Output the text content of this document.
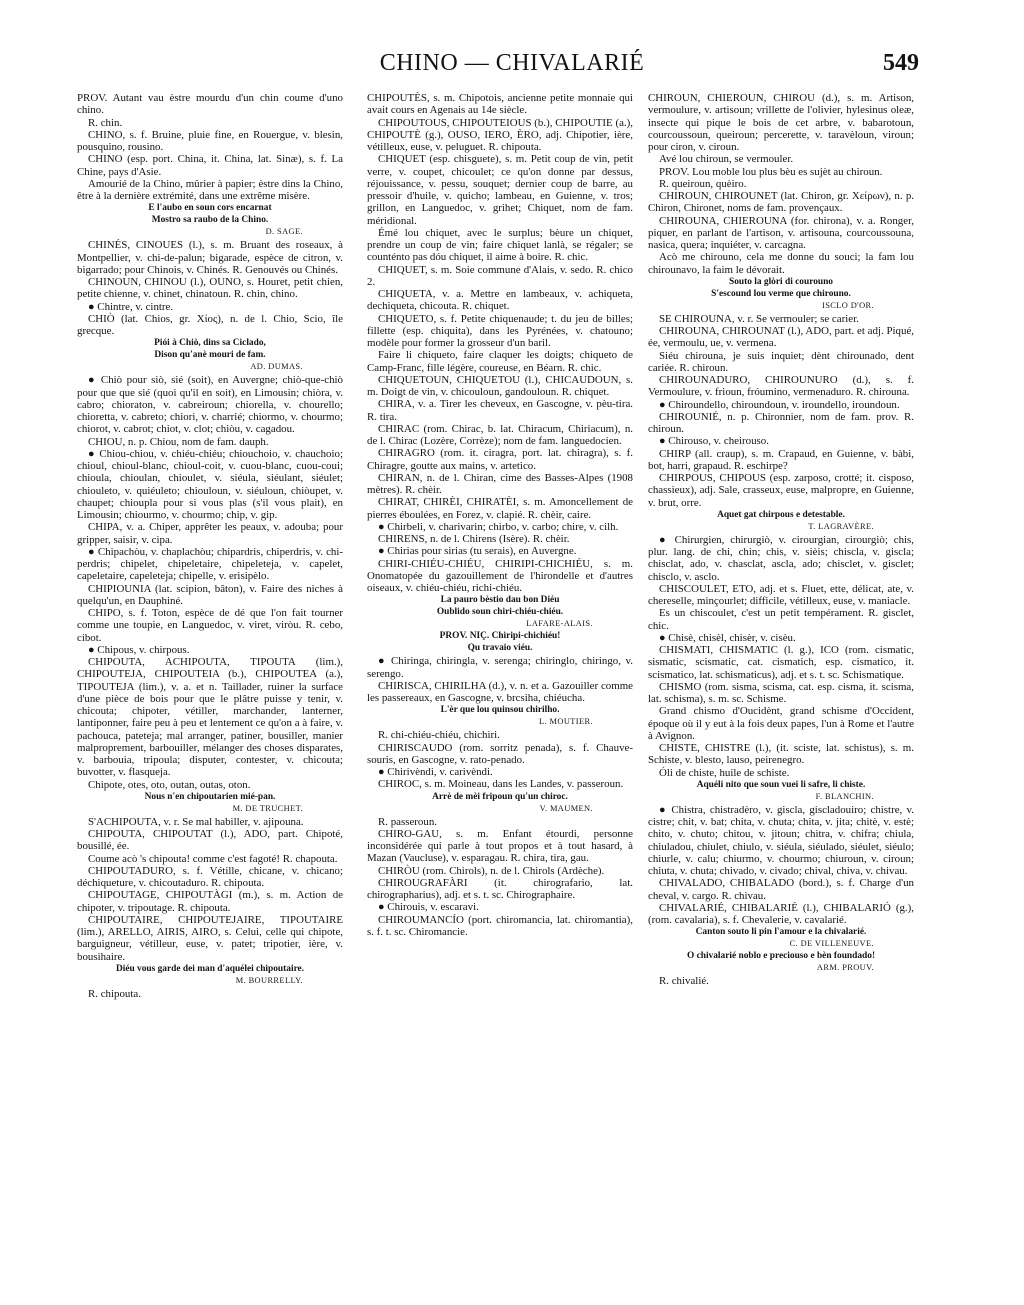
CHINO — CHIVALARIÉ	549

PROV. Autant vau èstre mourdu d'un chin coume d'uno chino.

R. chin.

CHINO, s. f. Bruine, pluie fine, en Rouergue, v. blesin, pousquino, rousino.

CHINO (esp. port. China, it. China, lat. Sinæ), s. f. La Chine, pays d'Asie.

Amourié de la Chino, mûrier à papier; èstre dins la Chino, être à la dernière extrémité, dans une extrême misère.

E l'aubo en soun cors encarnat

Mostro sa raubo de la Chino.

D. SAGE.

CHINÉS, CINOUES (l.), s. m. Bruant des roseaux, à Montpellier, v. chi-de-palun; bigarade, espèce de citron, v. bigarrado; pour Chinois, v. Chinés. R. Genouvés ou Chinés.

CHINOUN, CHINOU (l.), OUNO, s. Houret, petit chien, petite chienne, v. chinet, chinatoun. R. chin, chino.

● Chintre, v. cintre.

CHIÒ (lat. Chios, gr. Χίος), n. de l. Chio, Scio, île grecque.

Piói à Chiò, dins sa Ciclado,

Dison qu'anè mouri de fam.

AD. DUMAS.

● Chiò pour siò, sié (soit), en Auvergne; chiò-que-chiò pour que que sié (quoi qu'il en soit), en Limousin; chiòra, v. cabro; chioraton, v. cabreiroun; chiorella, v. chourello; chioretta, v. cabreto; chiori, v. charrié; chiormo, v. chourmo; chiorot, v. cabrot; chiot, v. clot; chiòu, v. cagadou.

CHIOU, n. p. Chiou, nom de fam. dauph.

● Chiou-chiou, v. chiéu-chiéu; chiouchoio, v. chauchoio; chioul, chioul-blanc, chioul-coit, v. cuou-blanc, cuou-coui; chioula, chioulan, chioulet, v. siéula, siéulant, siéulet; chiouleto, v. quiéuleto; chiouloun, v. siéuloun, chiòupet, v. chaupet; chioupla pour si vous plas (s'il vous plait), en Limousin; chiourmo, v. chourmo; chip, v. gip.

CHIPA, v. a. Chiper, apprêter les peaux, v. adouba; pour gripper, saisir, v. cipa.

● Chipachòu, v. chaplachòu; chipardris, chiperdris, v. chi-perdris; chipelet, chipeletaire, chipeleteja, v. capelet, capeletaire, capeleteja; chipelle, v. erisipèlo.

CHIPIOUNIA (lat. scipion, bâton), v. Faire des niches à quelqu'un, en Dauphiné.

CHIPO, s. f. Toton, espèce de dé que l'on fait tourner comme une toupie, en Languedoc, v. viret, viròu. R. cebo, cibot.

● Chipous, v. chirpous.

CHIPOUTA, ACHIPOUTA, TIPOUTA (lim.), CHIPOUTEJA, CHIPOUTEIA (b.), CHIPOUTEA (a.), TIPOUTEJA (lim.), v. a. et n. Taillader, ruiner la surface d'une pièce de bois pour que le plâtre puisse y tenir, v. chicouta; chipoter, vétiller, marchander, lanterner, lantiponner, faire peu à peu et lentement ce qu'on a à faire, v. pachouca, pateteja; mal arranger, patiner, bousiller, manier malproprement, barbouiller, mélanger des choses disparates, v. barbouia, tripoula; disputer, contester, v. chicouta; buvotter, v. flasqueja.

Chipote, otes, oto, outan, outas, oton.

Nous n'en chipoutarien mié-pan.

M. DE TRUCHET.

S'ACHIPOUTA, v. r. Se mal habiller, v. ajipouna.

CHIPOUTA, CHIPOUTAT (l.), ADO, part. Chipoté, bousillé, ée.

Coume acò 's chipouta! comme c'est fagoté! R. chapouta.

CHIPOUTADURO, s. f. Vétille, chicane, v. chicano; déchiqueture, v. chicoutaduro. R. chipouta.

CHIPOUTAGE, CHIPOUTÀGI (m.), s. m. Action de chipoter, v. tripoutage. R. chipouta.

CHIPOUTAIRE, CHIPOUTEJAIRE, TIPOUTAIRE (lim.), ARELLO, AIRIS, AIRO, s. Celui, celle qui chipote, barguigneur, vétilleur, euse, v. patet; tripotier, ière, v. bousihaire.

Diéu vous garde dei man d'aquélei chipoutaire.

M. BOURRELLY.

R. chipouta.

CHIPOUTÈS, s. m. Chipotois, ancienne petite monnaie qui avait cours en Agenais au 14e siècle.

CHIPOUTOUS, CHIPOUTEIOUS (b.), CHIPOUTIE (a.), CHIPOUTÈ (g.), OUSO, IERO, ÈRO, adj. Chipotier, ière, vétilleux, euse, v. peluguet. R. chipouta.

CHIQUET (esp. chisguete), s. m. Petit coup de vin, petit verre, v. coupet, chicoulet; ce qu'on donne par dessus, réjouissance, v. pessu, souquet; dernier coup de barre, au pressoir d'huile, v. quicho; lambeau, en Guienne, v. tros; grillon, en Languedoc, v. grihet; Chiquet, nom de fam. méridional.

Émé lou chiquet, avec le surplus; bèure un chiquet, prendre un coup de vin; faire chiquet lanlà, se régaler; se counténto pas dóu chiquet, il aime à boire. R. chic.

CHIQUET, s. m. Soie commune d'Alais, v. sedo. R. chico 2.

CHIQUETA, v. a. Mettre en lambeaux, v. achiqueta, dechiqueta, chicouta. R. chiquet.

CHIQUETO, s. f. Petite chiquenaude; t. du jeu de billes; fillette (esp. chiquita), dans les Pyrénées, v. chatouno; modèle pour former la grosseur d'un baril.

Faire li chiqueto, faire claquer les doigts; chiqueto de Camp-Franc, fille légère, coureuse, en Béarn. R. chic.

CHIQUETOUN, CHIQUETOU (l.), CHICAUDOUN, s. m. Doigt de vin, v. chicouloun, gandouloun. R. chiquet.

CHIRA, v. a. Tirer les cheveux, en Gascogne, v. pèu-tira. R. tira.

CHIRAC (rom. Chirac, b. lat. Chiracum, Chiriacum), n. de l. Chirac (Lozère, Corrèze); nom de fam. languedocien.

CHIRAGRO (rom. it. ciragra, port. lat. chiragra), s. f. Chiragre, goutte aux mains, v. artetico.

CHIRAN, n. de l. Chiran, cime des Basses-Alpes (1908 mètres). R. chèir.

CHIRAT, CHIRÈI, CHIRATÈI, s. m. Amoncellement de pierres éboulées, en Forez, v. clapié. R. chèir, caire.

● Chirbeli, v. charivarin; chirbo, v. carbo; chire, v. cilh.

CHIRENS, n. de l. Chirens (Isère). R. chèir.

● Chirias pour sirias (tu serais), en Auvergne.

CHIRI-CHIÉU-CHIÉU, CHIRIPI-CHICHIÉU, s. m. Onomatopée du gazouillement de l'hirondelle et d'autres oiseaux, v. chiéu-chiéu, richi-chiéu.

La pauro bèstio dau bon Diéu

Oublido soun chiri-chiéu-chiéu.

LAFARE-ALAIS.

PROV. NIÇ. Chiripi-chichiéu!

Qu travaio viéu.

● Chiringa, chiringla, v. serenga; chiringlo, chiringo, v. serengo.

CHIRISCA, CHIRILHA (d.), v. n. et a. Gazouiller comme les passereaux, en Gascogne, v. brcsiha, chiéucha.

L'èr que lou quinsou chirilho.

L. MOUTIER.

R. chi-chiéu-chiéu, chichiri.

CHIRISCAUDO (rom. sorritz penada), s. f. Chauve-souris, en Gascogne, v. rato-penado.

● Chirivèndi, v. carivèndi.

CHIROC, s. m. Moineau, dans les Landes, v. passeroun.

Arrè de mèi fripoun qu'un chiroc.

V. MAUMEN.

R. passeroun.

CHIRO-GAU, s. m. Enfant étourdi, personne inconsidérée qui parle à tout propos et à tout hasard, à Mazan (Vaucluse), v. esparagau. R. chira, tira, gau.

CHIRÒU (rom. Chirols), n. de l. Chirols (Ardèche).

CHIROUGRAFÀRI (it. chirografario, lat. chirographarius), adj. et s. t. sc. Chirographaire.

● Chirouis, v. escaravi.

CHIROUMANCÍO (port. chiromancia, lat. chiromantia), s. f. t. sc. Chiromancie.

CHIROUN, CHIEROUN, CHIROU (d.), s. m. Artison, vermoulure, v. artisoun; vrillette de l'olivier, hylesinus oleæ, insecte qui pique le bois de cet arbre, v. babarotoun, courcoussoun, queiroun; percerette, v. taravèloun, viroun; pour ciron, v. ciroun.

Avé lou chiroun, se vermouler.

PROV. Lou moble lou plus bèu es sujèt au chiroun.

R. queiroun, quèiro.

CHIROUN, CHIROUNET (lat. Chiron, gr. Χείρων), n. p. Chiron, Chironet, noms de fam. provençaux.

CHIROUNA, CHIEROUNA (for. chirona), v. a. Ronger, piquer, en parlant de l'artison, v. artisouna, courcoussouna, nasica, quera; inquiéter, v. carcagna.

Acò me chirouno, cela me donne du souci; la fam lou chirounavo, la faim le dévorait.

Souto la glòri di courouno

S'escound lou verme que chirouno.

ISCLO D'OR.

SE CHIROUNA, v. r. Se vermouler; se carier.

CHIROUNA, CHIROUNAT (l.), ADO, part. et adj. Piqué, ée, vermoulu, ue, v. vermena.

Siéu chirouna, je suis inquiet; dènt chirounado, dent cariée. R. chiroun.

CHIROUNADURO, CHIROUNURO (d.), s. f. Vermoulure, v. frioun, fróumino, vermenaduro. R. chirouna.

● Chiroundello, chiroundoun, v. iroundello, iroundoun.

CHIROUNIÉ, n. p. Chironnier, nom de fam. prov. R. chiroun.

● Chirouso, v. cheirouso.

CHIRP (all. craup), s. m. Crapaud, en Guienne, v. bàbi, bot, harri, grapaud. R. eschirpe?

CHIRPOUS, CHIPOUS (esp. zarposo, crotté; it. cisposo, chassieux), adj. Sale, crasseux, euse, malpropre, en Guienne, v. brut, orre.

Aquet gat chirpous e detestable.

T. LAGRAVÈRE.

● Chirurgien, chirurgiò, v. cirourgian, cirourgiò; chis, plur. lang. de chi, chin; chis, v. sièis; chiscla, v. giscla; chisclat, ado, v. chasclat, ascla, ado; chisclet, v. gisclet; chisclo, v. asclo.

CHISCOULET, ETO, adj. et s. Fluet, ette, délicat, ate, v. chereselle, minçourlet; difficile, vétilleux, euse, v. maniacle.

Es un chiscoulet, c'est un petit tempérament. R. gisclet, chic.

● Chisè, chisèl, chisèr, v. cisèu.

CHISMATI, CHISMATIC (l. g.), ICO (rom. cismatic, sismatic, scismatic, cat. cismatich, esp. cismatico, it. scismatico, lat. schismaticus), adj. et s. t. sc. Schismatique.

CHISMO (rom. sisma, scisma, cat. esp. cisma, it. scisma, lat. schisma), s. m. sc. Schisme.

Grand chismo d'Oucidènt, grand schisme d'Occident, époque où il y eut à la fois deux papes, l'un à Rome et l'autre à Avignon.

CHISTE, CHISTRE (l.), (it. sciste, lat. schistus), s. m. Schiste, v. blesto, lauso, peirenegro.

Óli de chiste, huile de schiste.

Aquéli nito que soun vuei li safre, li chiste.

F. BLANCHIN.

● Chistra, chistradèro, v. giscla, giscladouiro; chistre, v. cistre; chit, v. bat; chita, v. chuta; chita, v. jita; chitè, v. estè; chito, v. chuto; chitou, v. jitoun; chitra, v. chifra; chiula, chiuladou, chiulet, chiulo, v. siéula, siéulado, siéulet, siéulo; chiurle, v. calu; chiurmo, v. chourmo; chiuroun, v. ciroun; chiuta, v. chuta; chivado, v. civado; chival, chiva, v. chivau.

CHIVALADO, CHIBALADO (bord.), s. f. Charge d'un cheval, v. cargo. R. chivau.

CHIVALARIÉ, CHIBALARIÉ (l.), CHIBALARIÓ (g.), (rom. cavalaria), s. f. Chevalerie, v. cavalarié.

Canton souto li pin l'amour e la chivalarié.

C. DE VILLENEUVE.

O chivalarié noblo e preciouso e bèn foundado!

ARM. PROUV.

R. chivalié.
